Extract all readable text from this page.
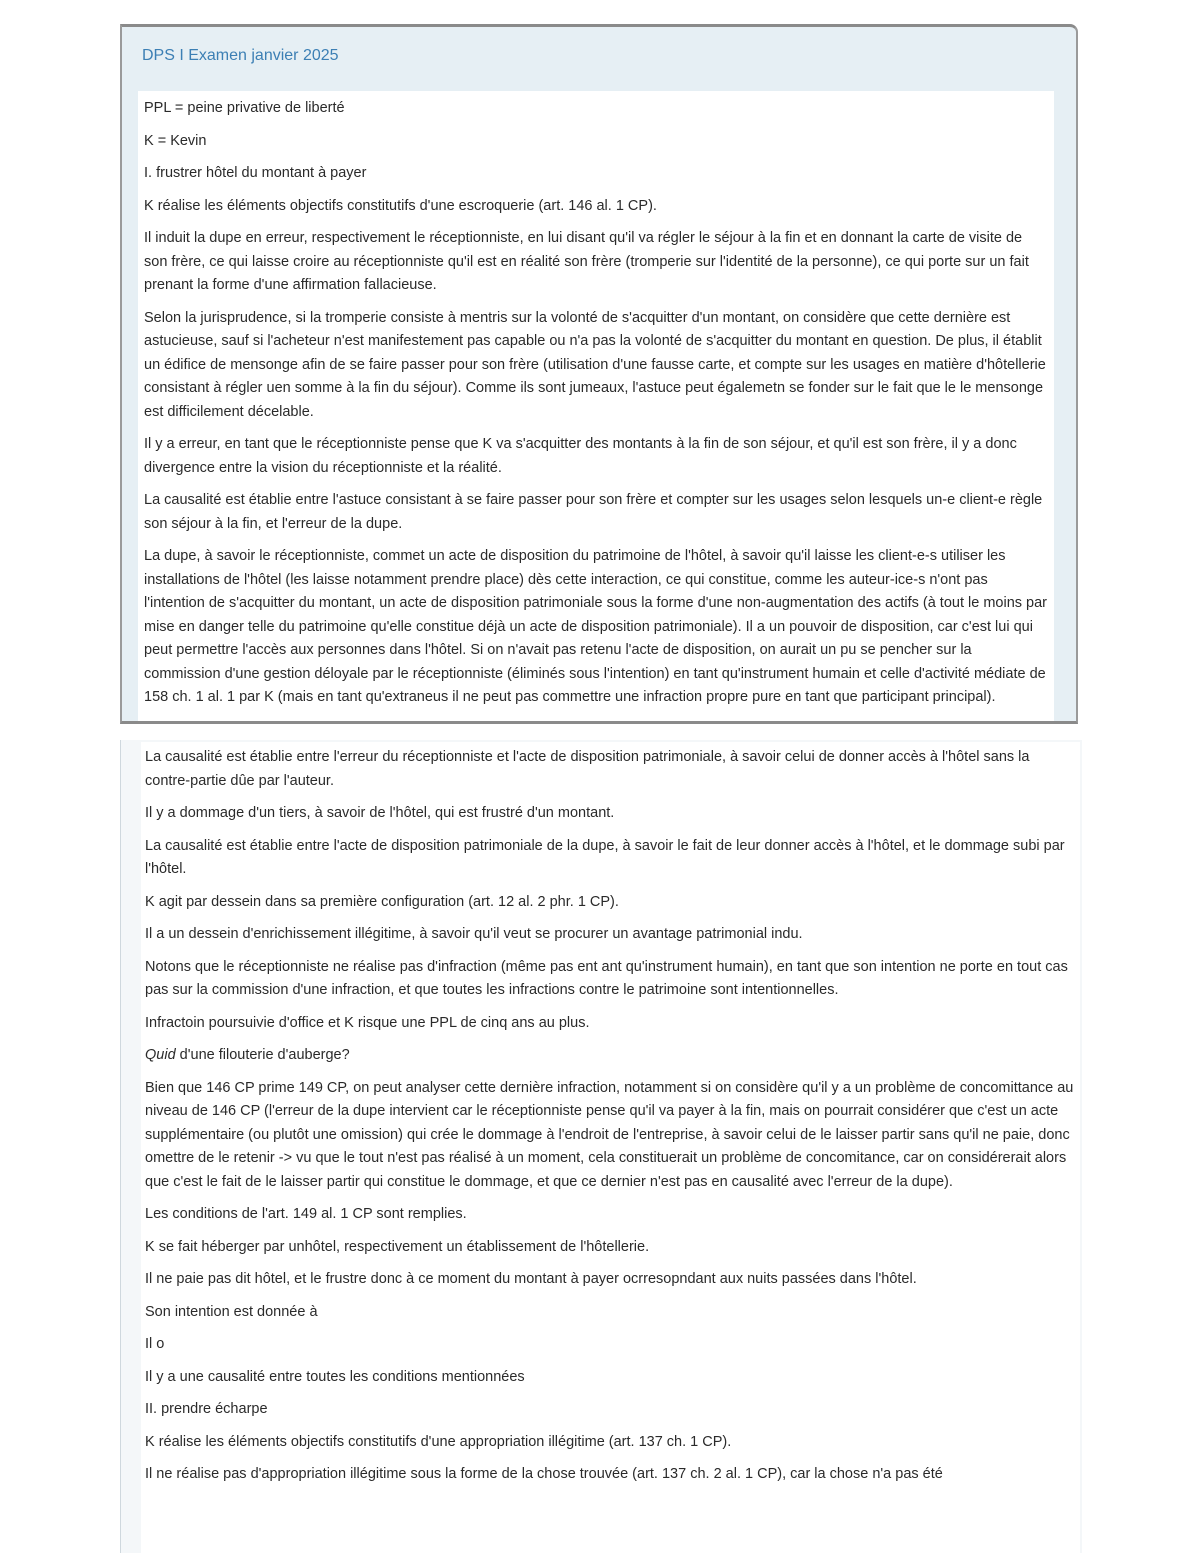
DPS I Examen janvier 2025

PPL = peine privative de liberté

K = Kevin

I. frustrer hôtel du montant à payer

K réalise les éléments objectifs constitutifs d'une escroquerie (art. 146 al. 1 CP).

Il induit la dupe en erreur, respectivement le réceptionniste, en lui disant qu'il va régler le séjour à la fin et en donnant la carte de visite de son frère, ce qui laisse croire au réceptionniste qu'il est en réalité son frère (tromperie sur l'identité de la personne), ce qui porte sur un fait prenant la forme d'une affirmation fallacieuse.

Selon la jurisprudence, si la tromperie consiste à mentris sur la volonté de s'acquitter d'un montant, on considère que cette dernière est astucieuse, sauf si l'acheteur n'est manifestement pas capable ou n'a pas la volonté de s'acquitter du montant en question. De plus, il établit un édifice de mensonge afin de se faire passer pour son frère (utilisation d'une fausse carte, et compte sur les usages en matière d'hôtellerie consistant à régler uen somme à la fin du séjour). Comme ils sont jumeaux, l'astuce peut égalemetn se fonder sur le fait que le le mensonge est difficilement décelable.

Il y a erreur, en tant que le réceptionniste pense que K va s'acquitter des montants à la fin de son séjour, et qu'il est son frère, il y a donc divergence entre la vision du réceptionniste et la réalité.

La causalité est établie entre l'astuce consistant à se faire passer pour son frère et compter sur les usages selon lesquels un-e client-e règle son séjour à la fin, et l'erreur de la dupe.

La dupe, à savoir le réceptionniste, commet un acte de disposition du patrimoine de l'hôtel, à savoir qu'il laisse les client-e-s utiliser les installations de l'hôtel (les laisse notamment prendre place) dès cette interaction, ce qui constitue, comme les auteur-ice-s n'ont pas l'intention de s'acquitter du montant, un acte de disposition patrimoniale sous la forme d'une non-augmentation des actifs (à tout le moins par mise en danger telle du patrimoine qu'elle constitue déjà un acte de disposition patrimoniale). Il a un pouvoir de disposition, car c'est lui qui peut permettre l'accès aux personnes dans l'hôtel. Si on n'avait pas retenu l'acte de disposition, on aurait un pu se pencher sur la commission d'une gestion déloyale par le réceptionniste (éliminés sous l'intention) en tant qu'instrument humain et celle d'activité médiate de 158 ch. 1 al. 1 par K (mais en tant qu'extraneus il ne peut pas commettre une infraction propre pure en tant que participant principal).

La causalité est établie entre l'erreur du réceptionniste et l'acte de disposition patrimoniale, à savoir celui de donner accès à l'hôtel sans la contre-partie dûe par l'auteur.

Il y a dommage d'un tiers, à savoir de l'hôtel, qui est frustré d'un montant.

La causalité est établie entre l'acte de disposition patrimoniale de la dupe, à savoir le fait de leur donner accès à l'hôtel, et le dommage subi par l'hôtel.

K agit par dessein dans sa première configuration (art. 12 al. 2 phr. 1 CP).

Il a un dessein d'enrichissement illégitime, à savoir qu'il veut se procurer un avantage patrimonial indu.

Notons que le réceptionniste ne réalise pas d'infraction (même pas ent ant qu'instrument humain), en tant que son intention ne porte en tout cas pas sur la commission d'une infraction, et que toutes les infractions contre le patrimoine sont intentionnelles.

Infractoin poursuivie d'office et K risque une PPL de cinq ans au plus.

Quid d'une filouterie d'auberge?

Bien que 146 CP prime 149 CP, on peut analyser cette dernière infraction, notamment si on considère qu'il y a un problème de concomittance au niveau de 146 CP (l'erreur de la dupe intervient car le réceptionniste pense qu'il va payer à la fin, mais on pourrait considérer que c'est un acte supplémentaire (ou plutôt une omission) qui crée le dommage à l'endroit de l'entreprise, à savoir celui de le laisser partir sans qu'il ne paie, donc omettre de le retenir -> vu que le tout n'est pas réalisé à un moment, cela constituerait un problème de concomitance, car on considérerait alors que c'est le fait de le laisser partir qui constitue le dommage, et que ce dernier n'est pas en causalité avec l'erreur de la dupe).

Les conditions de l'art. 149 al. 1 CP sont remplies.

K se fait héberger par unhôtel, respectivement un établissement de l'hôtellerie.

Il ne paie pas dit hôtel, et le frustre donc à ce moment du montant à payer ocrresopndant aux nuits passées dans l'hôtel.

Son intention est donnée à

Il o

Il y a une causalité entre toutes les conditions mentionnées

II. prendre écharpe

K réalise les éléments objectifs constitutifs d'une appropriation illégitime (art. 137 ch. 1 CP).

Il ne réalise pas d'appropriation illégitime sous la forme de la chose trouvée (art. 137 ch. 2 al. 1 CP), car la chose n'a pas été
